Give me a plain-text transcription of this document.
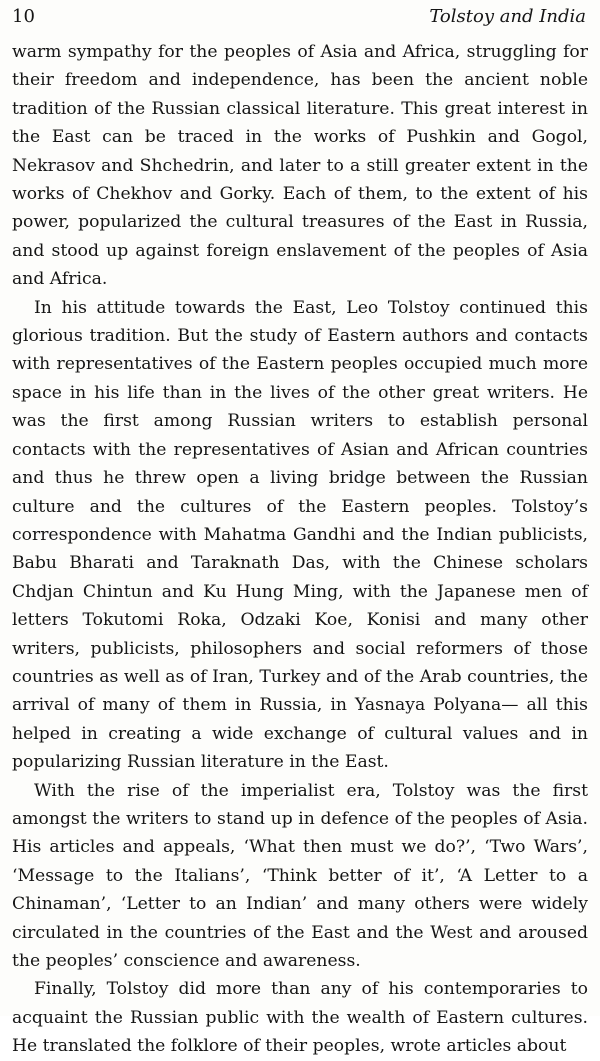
10	Tolstoy and India

warm sympathy for the peoples of Asia and Africa, struggling for their freedom and independence, has been the ancient noble tradition of the Russian classical literature. This great interest in the East can be traced in the works of Pushkin and Gogol, Nekrasov and Shchedrin, and later to a still greater extent in the works of Chekhov and Gorky. Each of them, to the extent of his power, popularized the cultural treasures of the East in Russia, and stood up against foreign enslavement of the peoples of Asia and Africa.

In his attitude towards the East, Leo Tolstoy continued this glorious tradition. But the study of Eastern authors and contacts with representatives of the Eastern peoples occupied much more space in his life than in the lives of the other great writers. He was the first among Russian writers to establish personal contacts with the representatives of Asian and African countries and thus he threw open a living bridge between the Russian culture and the cultures of the Eastern peoples. Tolstoy’s correspondence with Mahatma Gandhi and the Indian publicists, Babu Bharati and Taraknath Das, with the Chinese scholars Chdjan Chintun and Ku Hung Ming, with the Japanese men of letters Tokutomi Roka, Odzaki Koe, Konisi and many other writers, publicists, philosophers and social reformers of those countries as well as of Iran, Turkey and of the Arab countries, the arrival of many of them in Russia, in Yasnaya Polyana— all this helped in creating a wide exchange of cultural values and in popularizing Russian literature in the East.

With the rise of the imperialist era, Tolstoy was the first amongst the writers to stand up in defence of the peoples of Asia. His articles and appeals, ‘What then must we do?’, ‘Two Wars’, ‘Message to the Italians’, ‘Think better of it’, ‘A Letter to a Chinaman’, ‘Letter to an Indian’ and many others were widely circulated in the countries of the East and the West and aroused the peoples’ conscience and awareness.

Finally, Tolstoy did more than any of his contemporaries to acquaint the Russian public with the wealth of Eastern cultures. He translated the folklore of their peoples, wrote articles about
